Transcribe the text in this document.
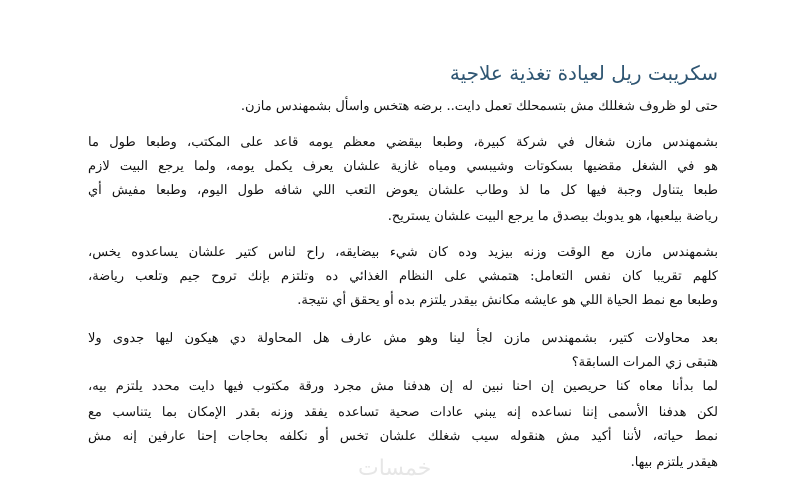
سكريبت ريل لعيادة تغذية علاجية
حتى لو ظروف شغللك مش بتسمحلك تعمل دايت.. برضه هتخس واسأل بشمهندس مازن.
بشمهندس مازن شغال في شركة كبيرة، وطبعا بيقضي معظم يومه قاعد على المكتب، وطبعا طول ما
هو في الشغل مقضيها بسكوتات وشيبسي ومياه غازية علشان يعرف يكمل يومه، ولما يرجع البيت لازم
طبعا يتناول وجبة فيها كل ما لذ وطاب علشان يعوض التعب اللي شافه طول اليوم، وطبعا مفيش أي
رياضة بيلعبها، هو يدوبك بيصدق ما يرجع البيت علشان يستريح.
بشمهندس مازن مع الوقت وزنه بيزيد وده كان شيء بيضايقه، راح لناس كتير علشان يساعدوه يخس،
كلهم تقريبا كان نفس التعامل: هتمشي على النظام الغذائي ده وتلتزم بإنك تروح جيم وتلعب رياضة،
وطبعا مع نمط الحياة اللي هو عايشه مكانش بيقدر يلتزم بده أو يحقق أي نتيجة.
بعد محاولات كتير، بشمهندس مازن لجأ لينا وهو مش عارف هل المحاولة دي هيكون ليها جدوى ولا
هتبقى زي المرات السابقة؟
لما بدأنا معاه كنا حريصين إن احنا نبين له إن هدفنا مش مجرد ورقة مكتوب فيها دايت محدد يلتزم بيه،
لكن هدفنا الأسمى إننا نساعده إنه يبني عادات صحية تساعده يفقد وزنه بقدر الإمكان بما يتناسب مع
نمط حياته، لأننا أكيد مش هنقوله سيب شغلك علشان تخس أو نكلفه بحاجات إحنا عارفين إنه مش
هيقدر يلتزم بيها.
خمسات
